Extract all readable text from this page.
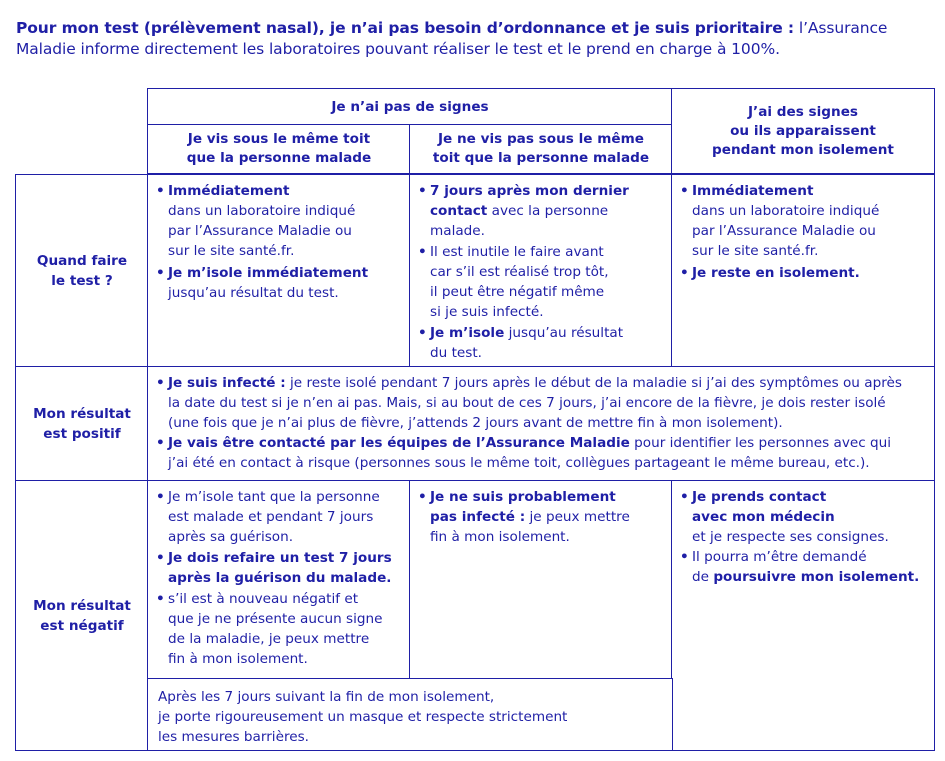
Pour mon test (prélèvement nasal), je n’ai pas besoin d’ordonnance et je suis prioritaire : l’Assurance Maladie informe directement les laboratoires pouvant réaliser le test et le prend en charge à 100%.
Je n’ai pas de signes
Je vis sous le même toit
que la personne malade
Je ne vis pas sous le même
toit que la personne malade
J’ai des signes
ou ils apparaissent
pendant mon isolement
Quand faire
le test ?
• Immédiatement
dans un laboratoire indiqué
par l’Assurance Maladie ou
sur le site santé.fr.
• Je m’isole immédiatement
jusqu’au résultat du test.
• 7 jours après mon dernier
contact avec la personne
malade.
• Il est inutile le faire avant
car s’il est réalisé trop tôt,
il peut être négatif même
si je suis infecté.
• Je m’isole jusqu’au résultat
du test.
• Immédiatement
dans un laboratoire indiqué
par l’Assurance Maladie ou
sur le site santé.fr.
• Je reste en isolement.
Mon résultat
est positif
• Je suis infecté : je reste isolé pendant 7 jours après le début de la maladie si j’ai des symptômes ou après
la date du test si je n’en ai pas. Mais, si au bout de ces 7 jours, j’ai encore de la fièvre, je dois rester isolé
(une fois que je n’ai plus de fièvre, j’attends 2 jours avant de mettre fin à mon isolement).
• Je vais être contacté par les équipes de l’Assurance Maladie pour identifier les personnes avec qui
j’ai été en contact à risque (personnes sous le même toit, collègues partageant le même bureau, etc.).
Mon résultat
est négatif
• Je m’isole tant que la personne
est malade et pendant 7 jours
après sa guérison.
• Je dois refaire un test 7 jours
après la guérison du malade.
• s’il est à nouveau négatif et
que je ne présente aucun signe
de la maladie, je peux mettre
fin à mon isolement.
• Je ne suis probablement
pas infecté : je peux mettre
fin à mon isolement.
• Je prends contact
avec mon médecin
et je respecte ses consignes.
• Il pourra m’être demandé
de poursuivre mon isolement.
Après les 7 jours suivant la fin de mon isolement,
je porte rigoureusement un masque et respecte strictement
les mesures barrières.
